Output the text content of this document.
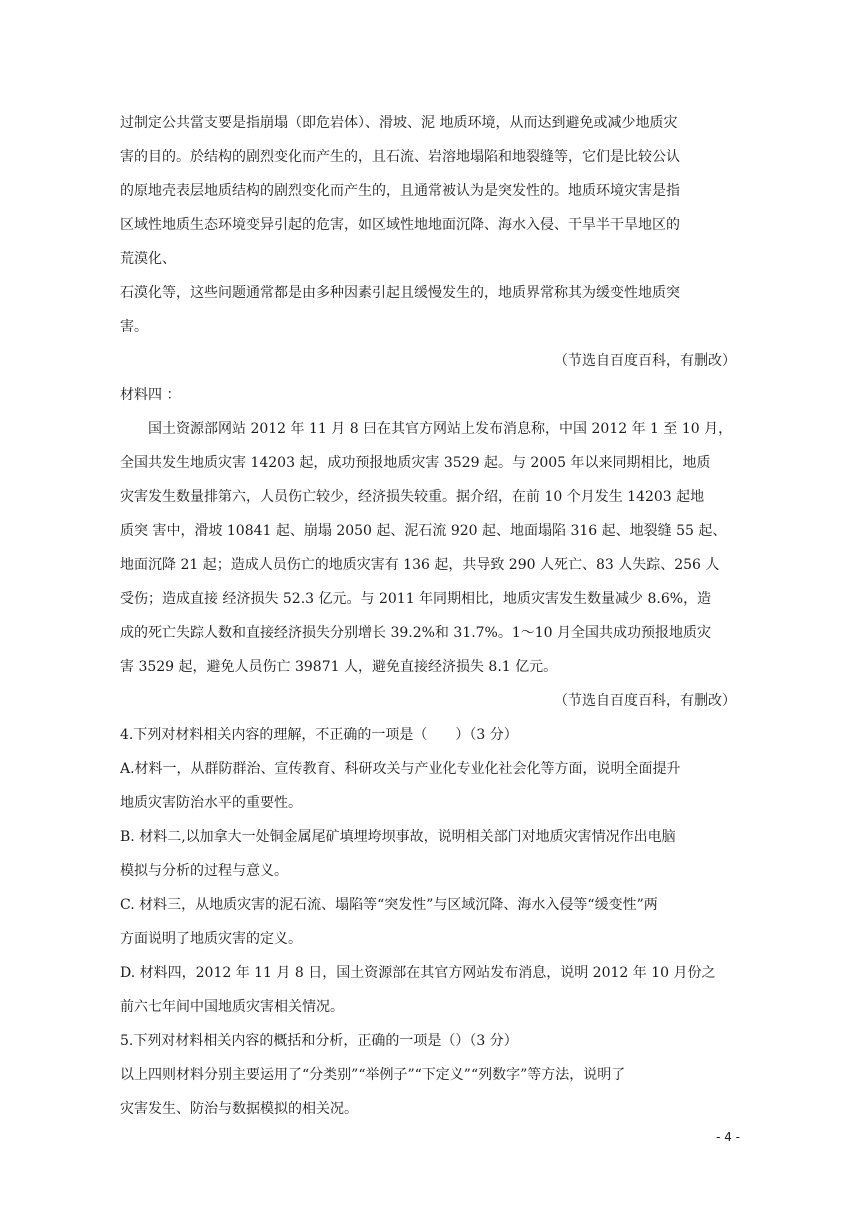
过制定公共當支要是指崩塌（即危岩体）、滑坡、泥 地质环境，从而达到避免或减少地质灾
害的目的。於结构的剧烈变化而产生的，且石流、岩溶地塌陷和地裂缝等，它们是比较公认
的原地壳表层地质结构的剧烈变化而产生的，且通常被认为是突发性的。地质环境灾害是指
区域性地质生态环境变异引起的危害，如区域性地地面沉降、海水入侵、干旱半干旱地区的
荒漠化、
石漠化等，这些问题通常都是由多种因素引起且缓慢发生的，地质界常称其为缓变性地质突
害。
（节选自百度百科，有删改）
材料四 ：
国土资源部网站 2012 年 11 月 8 曰在其官方网站上发布消息称，中国 2012 年 1 至 10 月，
全国共发生地质灾害 14203 起，成功预报地质灾害 3529 起。与 2005 年以来同期相比，地质
灾害发生数量排第六，人员伤亡较少，经济损失较重。据介绍，在前 10 个月发生 14203 起地
质突 害中，滑坡 10841 起、崩塌 2050 起、泥石流 920 起、地面塌陷 316 起、地裂缝 55 起、
地面沉降 21 起；造成人员伤亡的地质灾害有 136 起，共导致 290 人死亡、83 人失踪、256 人
受伤；造成直接 经济损失 52.3 亿元。与 2011 年同期相比，地质灾害发生数量减少 8.6%，造
成的死亡失踪人数和直接经济损失分别增长 39.2%和 31.7%。1～10 月全国共成功预报地质灾
害 3529 起，避免人员伤亡 39871 人，避免直接经济损失 8.1 亿元。
（节选自百度百科，有删改）
4.下列对材料相关内容的理解，不正确的一项是（　　）（3 分）
A.材料一，从群防群治、宣传教育、科研攻关与产业化专业化社会化等方面，说明全面提升
地质灾害防治水平的重要性。
B. 材料二,以加拿大一处铜金属尾矿填埋垮坝事故，说明相关部门对地质灾害情况作出电脑
模拟与分析的过程与意义。
C. 材料三，从地质灾害的泥石流、塌陷等“突发性”与区域沉降、海水入侵等“缓变性”两
方面说明了地质灾害的定义。
D. 材料四，2012 年 11 月 8 日，国土资源部在其官方网站发布消息，说明 2012 年 10 月份之
前六七年间中国地质灾害相关情况。
5.下列对材料相关内容的概括和分析，正确的一项是（）（3 分）
以上四则材料分别主要运用了“分类别”“举例子”“下定义”“列数字”等方法，说明了
灾害发生、防治与数据模拟的相关况。
- 4 -
